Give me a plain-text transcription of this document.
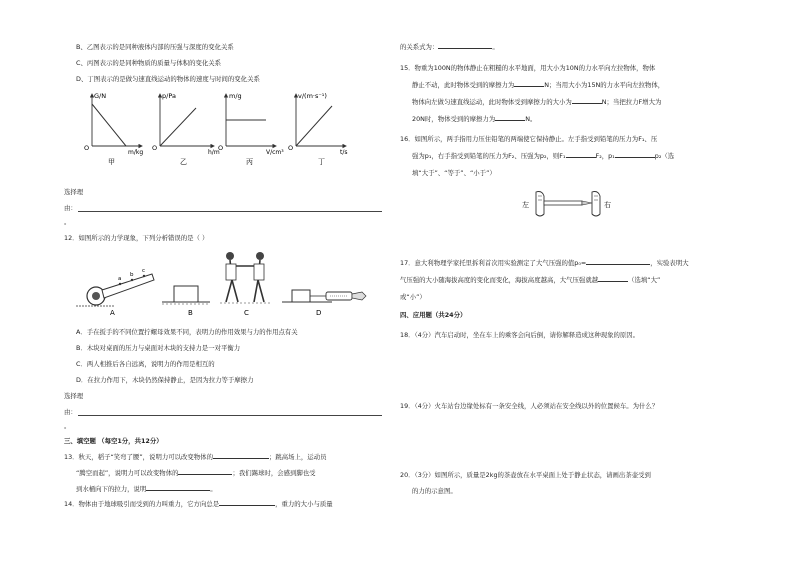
B、乙图表示的是同种液体内部的压强与深度的变化关系
C、丙图表示的是同种物质的质量与体积的变化关系
D、丁图表示的是做匀速直线运动的物体的速度与时间的变化关系
G/N
m/kg
O
甲
p/Pa
h/m
O
乙
m/g
V/cm³
O
丙
v/(m·s⁻¹)
t/s
O
丁
选择理
由：
。
12．如图所示的力学现象，下列分析错误的是（ ）
a
b
c
A	B	C	D
A．手在扳手的不同位置拧螺母效果不同，表明力的作用效果与力的作用点有关
B．木块对桌面的压力与桌面对木块的支持力是一对平衡力
C．两人相推后各自远离，说明力的作用是相互的
D．在拉力作用下，木块仍然保持静止，是因为拉力等于摩擦力
选择理
由：
。
三、填空题 （每空1分，共12分）
13．秋天，稻子“笑弯了腰”，说明力可以改变物体的	；跳高场上，运动员
“腾空而起”，说明力可以改变物体的	；我们踢球时，会感到脚也受
到水桶向下的拉力，说明	。
14．物体由于地球吸引而受到的力叫重力，它方向总是	，重力的大小与质量
的关系式为：	。
15．物重为100N的物体静止在粗糙的水平地面，用大小为10N的力水平向左拉物体，物体
静止不动，此时物体受到的摩擦力为	N；当用大小为15N的力水平向左拉物体，
物体向左做匀速直线运动，此时物体受到摩擦力的大小为	N；当把拉力F增大为
20N时，物体受到的摩擦力为	N。
16．如图所示，两手指用力压住铅笔的两端使它保持静止。左手指受到铅笔的压力为F₁、压
强为p₁，右手指受到铅笔的压力为F₂、压强为p₂，则F₁	F₂，p₁	p₂（选
填“大于”、“等于”、“小于”）
左	右
17．意大利物理学家托里拆利首次用实验测定了大气压强的值p₀=	，实验表明大
气压强的大小随海拔高度的变化而变化，海拔高度越高，大气压强就越	（选填“大”
或“小”）
四、应用题（共24分）
18．（4分）汽车启动时，坐在车上的乘客会向后倒，请你解释造成这种现象的原因。
19．（4分）火车站台边缘处标有一条安全线，人必须站在安全线以外的位置候车。为什么？
20．（3分）如图所示，质量是2kg的茶壶放在水平桌面上处于静止状态，请画出茶壶受到
的力的示意图。
